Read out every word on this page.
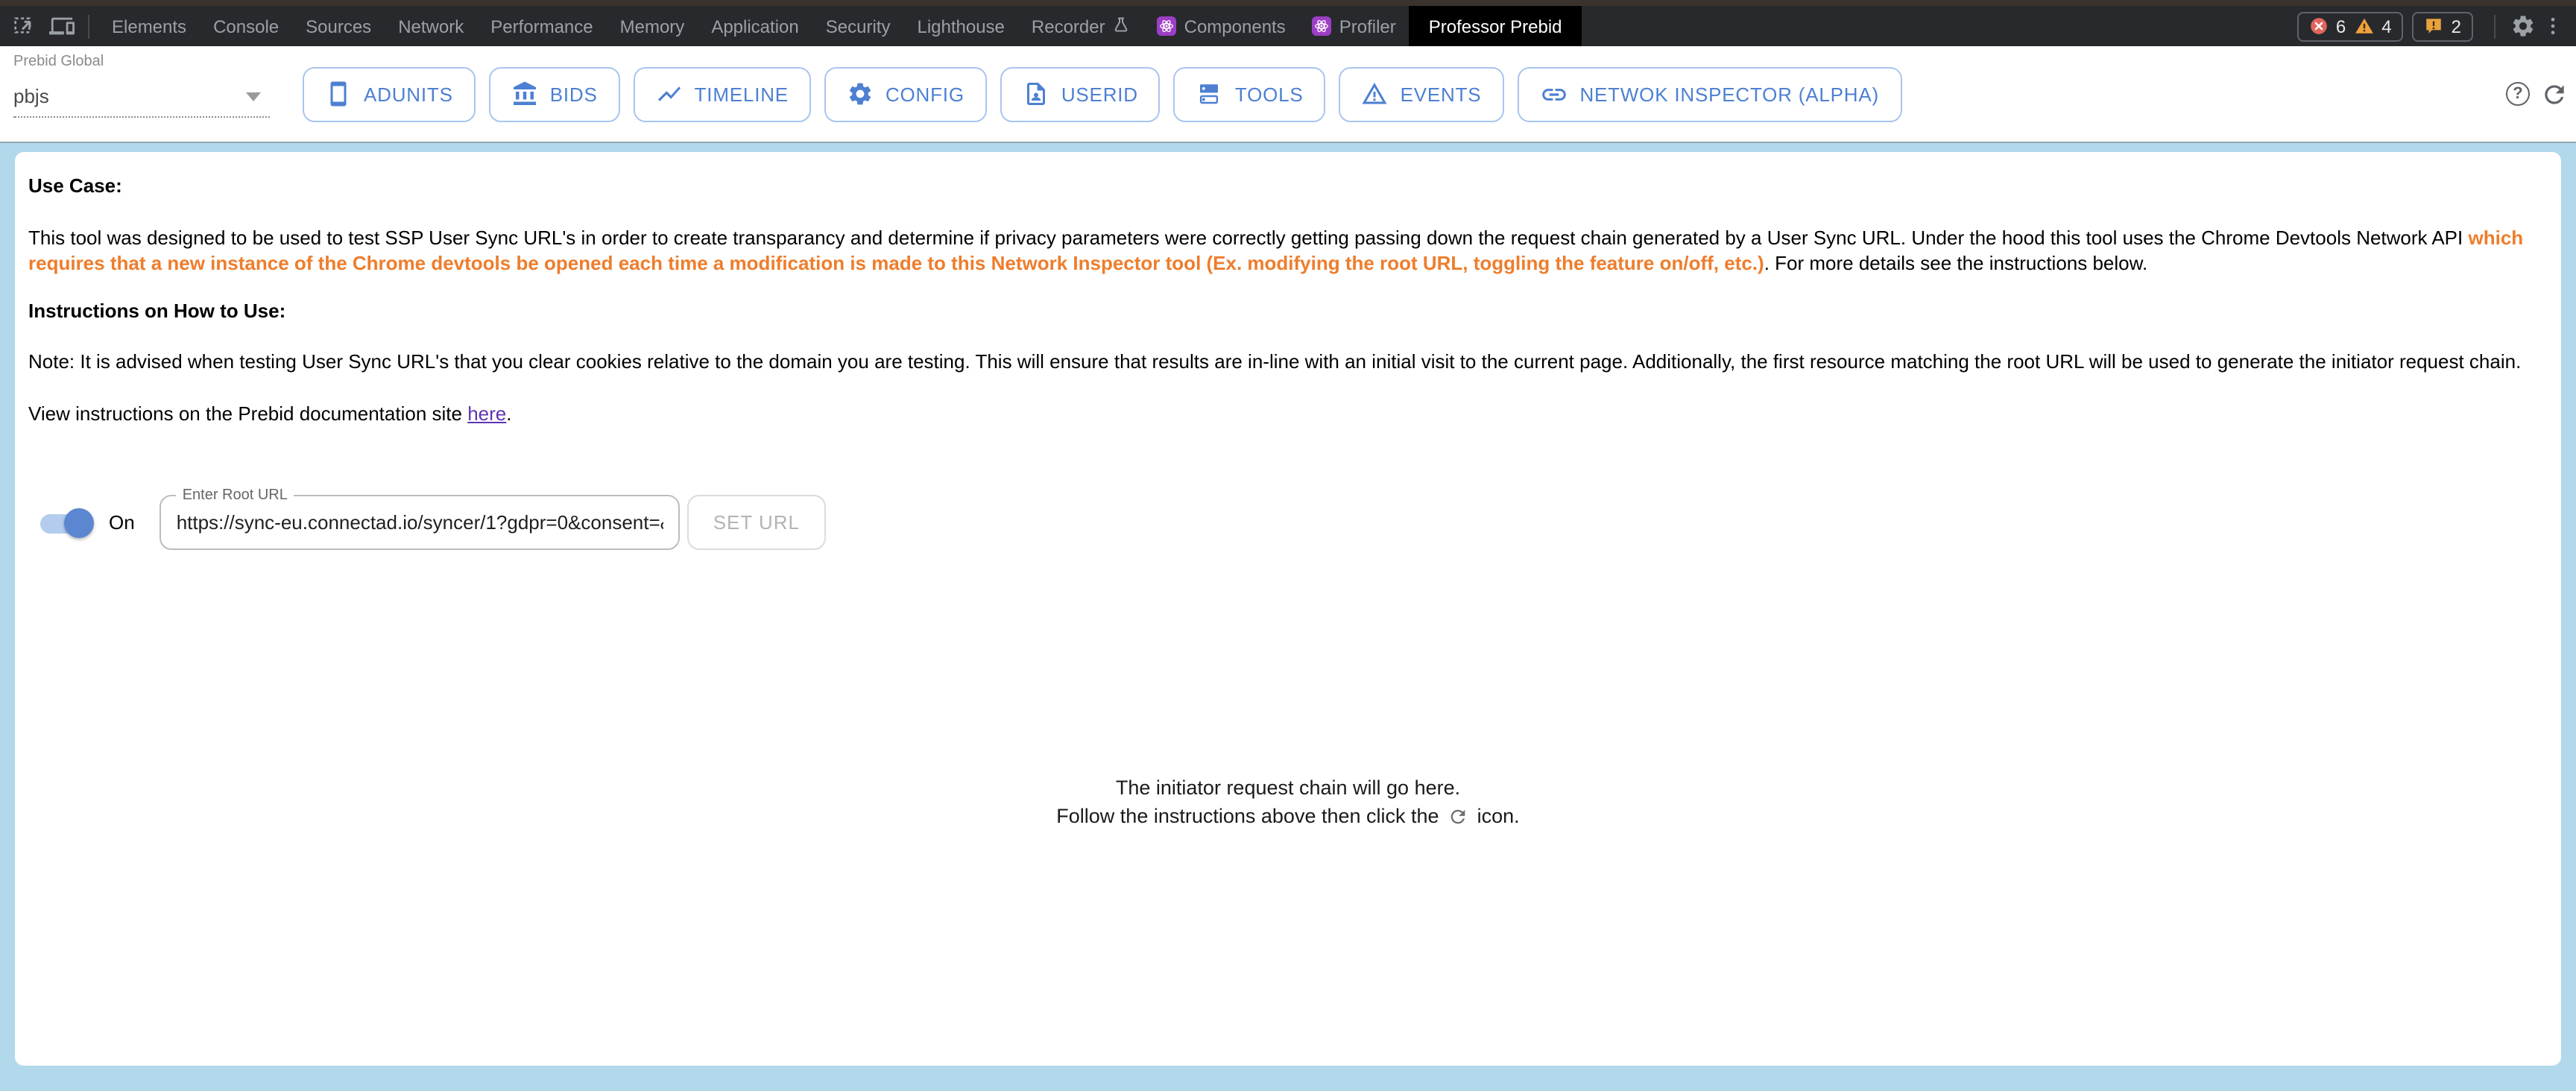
Elements	Console	Sources	Network	Performance	Memory	Application	Security	Lighthouse	Recorder	Components	Profiler	Professor Prebid	6	4	2
Prebid Global
pbjs	ADUNITS	BIDS	TIMELINE	CONFIG	USERID	TOOLS	EVENTS	NETWOK INSPECTOR (ALPHA)	?

Use Case:

This tool was designed to be used to test SSP User Sync URL's in order to create transparancy and determine if privacy parameters were correctly getting passing down the request chain generated by a User Sync URL. Under the hood this tool uses the Chrome Devtools Network API which requires that a new instance of the Chrome devtools be opened each time a modification is made to this Network Inspector tool (Ex. modifying the root URL, toggling the feature on/off, etc.). For more details see the instructions below.

Instructions on How to Use:

Note: It is advised when testing User Sync URL's that you clear cookies relative to the domain you are testing. This will ensure that results are in-line with an initial visit to the current page. Additionally, the first resource matching the root URL will be used to generate the initiator request chain.

View instructions on the Prebid documentation site here.

On
Enter Root URL
https://sync-eu.connectad.io/syncer/1?gdpr=0&consent=&us
SET URL
The initiator request chain will go here.
Follow the instructions above then click the	icon.
